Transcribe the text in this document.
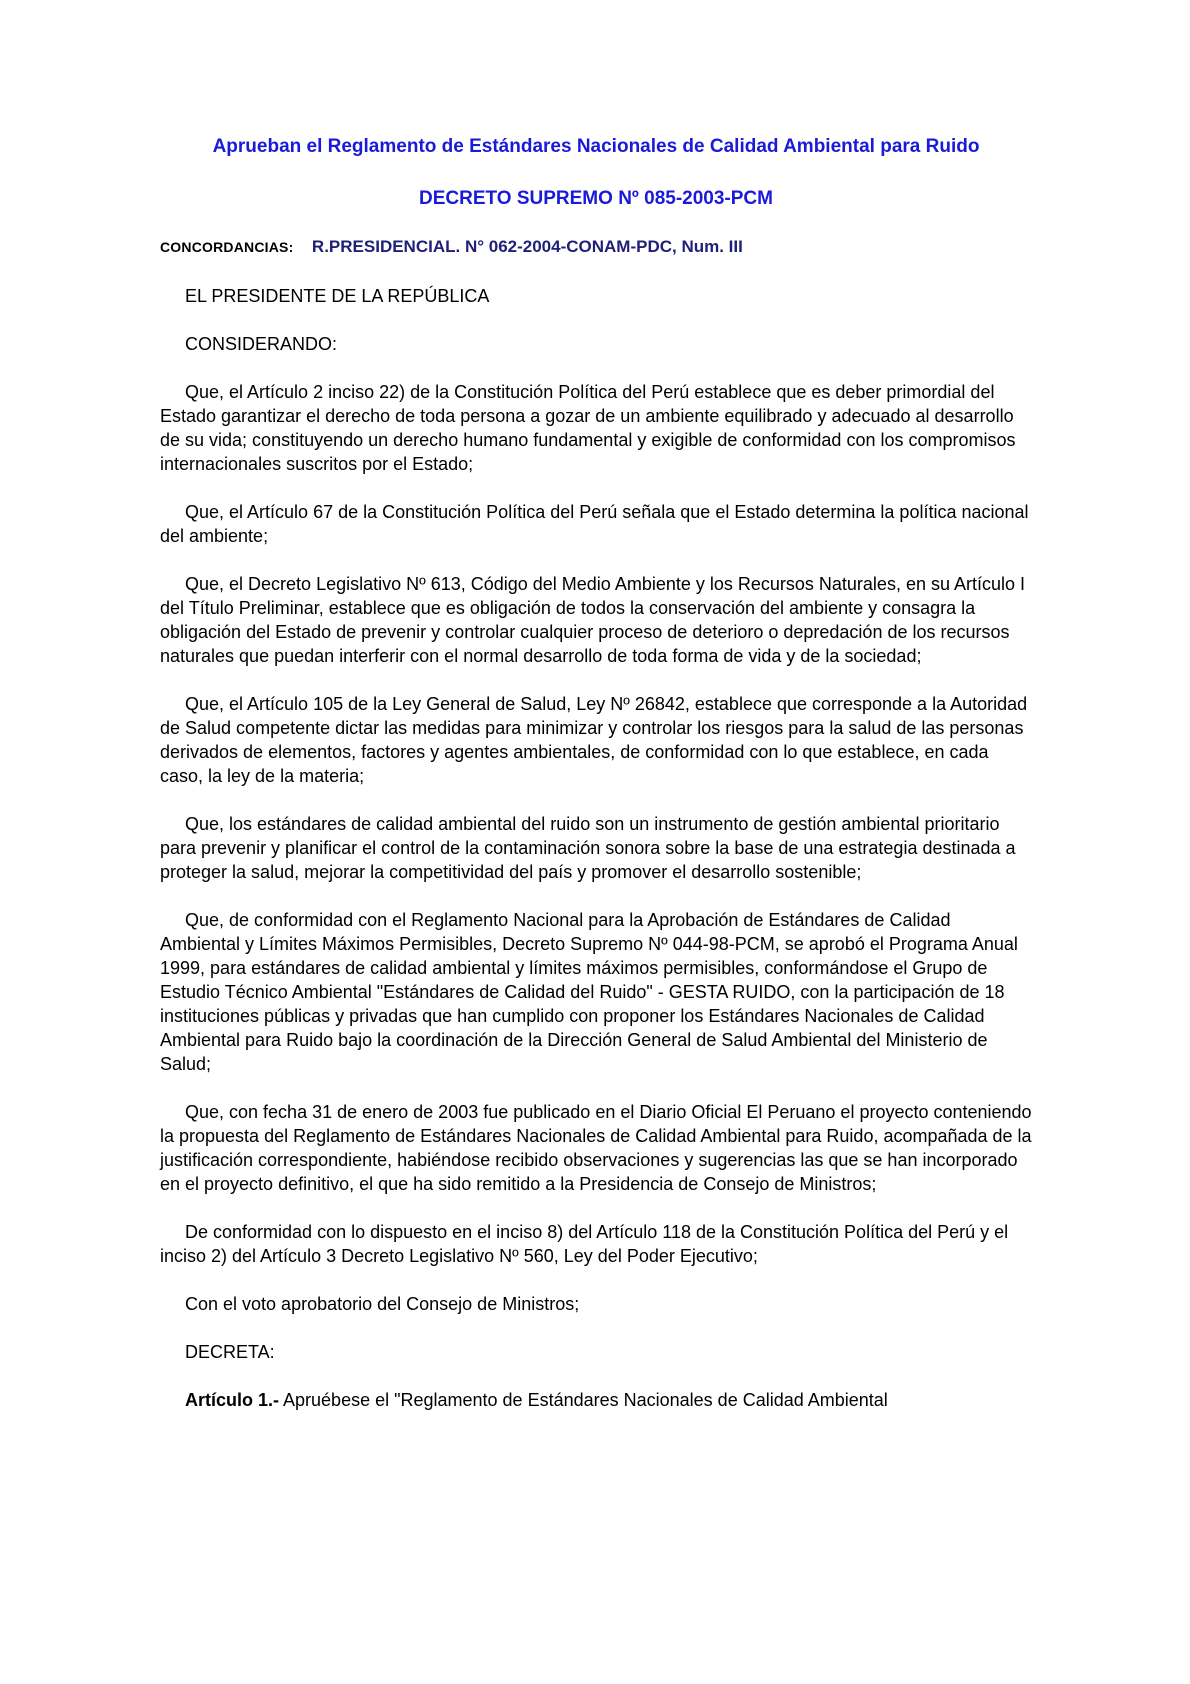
Aprueban el Reglamento de Estándares Nacionales de Calidad Ambiental para Ruido
DECRETO SUPREMO Nº 085-2003-PCM
CONCORDANCIAS: R.PRESIDENCIAL. N° 062-2004-CONAM-PDC, Num. III

EL PRESIDENTE DE LA REPÚBLICA

CONSIDERANDO:

Que, el Artículo 2 inciso 22) de la Constitución Política del Perú establece que es deber primordial del Estado garantizar el derecho de toda persona a gozar de un ambiente equilibrado y adecuado al desarrollo de su vida; constituyendo un derecho humano fundamental y exigible de conformidad con los compromisos internacionales suscritos por el Estado;

Que, el Artículo 67 de la Constitución Política del Perú señala que el Estado determina la política nacional del ambiente;

Que, el Decreto Legislativo Nº 613, Código del Medio Ambiente y los Recursos Naturales, en su Artículo I del Título Preliminar, establece que es obligación de todos la conservación del ambiente y consagra la obligación del Estado de prevenir y controlar cualquier proceso de deterioro o depredación de los recursos naturales que puedan interferir con el normal desarrollo de toda forma de vida y de la sociedad;

Que, el Artículo 105 de la Ley General de Salud, Ley Nº 26842, establece que corresponde a la Autoridad de Salud competente dictar las medidas para minimizar y controlar los riesgos para la salud de las personas derivados de elementos, factores y agentes ambientales, de conformidad con lo que establece, en cada caso, la ley de la materia;

Que, los estándares de calidad ambiental del ruido son un instrumento de gestión ambiental prioritario para prevenir y planificar el control de la contaminación sonora sobre la base de una estrategia destinada a proteger la salud, mejorar la competitividad del país y promover el desarrollo sostenible;

Que, de conformidad con el Reglamento Nacional para la Aprobación de Estándares de Calidad Ambiental y Límites Máximos Permisibles, Decreto Supremo Nº 044-98-PCM, se aprobó el Programa Anual 1999, para estándares de calidad ambiental y límites máximos permisibles, conformándose el Grupo de Estudio Técnico Ambiental "Estándares de Calidad del Ruido" - GESTA RUIDO, con la participación de 18 instituciones públicas y privadas que han cumplido con proponer los Estándares Nacionales de Calidad Ambiental para Ruido bajo la coordinación de la Dirección General de Salud Ambiental del Ministerio de Salud;

Que, con fecha 31 de enero de 2003 fue publicado en el Diario Oficial El Peruano el proyecto conteniendo la propuesta del Reglamento de Estándares Nacionales de Calidad Ambiental para Ruido, acompañada de la justificación correspondiente, habiéndose recibido observaciones y sugerencias las que se han incorporado en el proyecto definitivo, el que ha sido remitido a la Presidencia de Consejo de Ministros;

De conformidad con lo dispuesto en el inciso 8) del Artículo 118 de la Constitución Política del Perú y el inciso 2) del Artículo 3 Decreto Legislativo Nº 560, Ley del Poder Ejecutivo;

Con el voto aprobatorio del Consejo de Ministros;

DECRETA:

Artículo 1.- Apruébese el "Reglamento de Estándares Nacionales de Calidad Ambiental
